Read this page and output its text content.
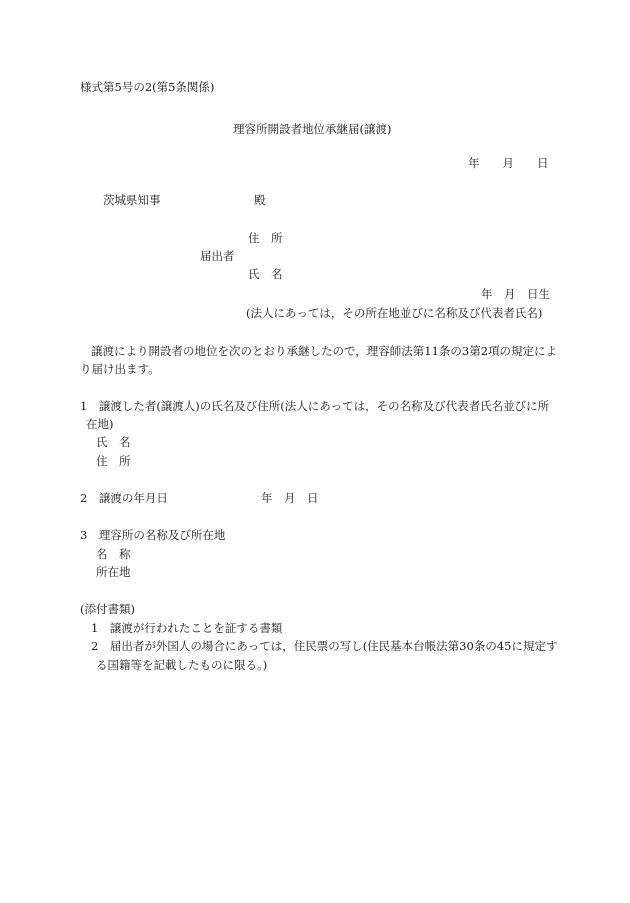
様式第5号の2(第5条関係)
理容所開設者地位承継届(譲渡)
年　　月　　日
茨城県知事	殿
住　所
届出者
氏　名
年　月　日生
(法人にあっては，その所在地並びに名称及び代表者氏名)
譲渡により開設者の地位を次のとおり承継したので，理容師法第11条の3第2項の規定によ
り届け出ます。
1　譲渡した者(譲渡人)の氏名及び住所(法人にあっては，その名称及び代表者氏名並びに所
在地)
氏　名
住　所
2　譲渡の年月日	年　月　日
3　理容所の名称及び所在地
名　称
所在地
(添付書類)
1　譲渡が行われたことを証する書類
2　届出者が外国人の場合にあっては，住民票の写し(住民基本台帳法第30条の45に規定す
る国籍等を記載したものに限る。)
